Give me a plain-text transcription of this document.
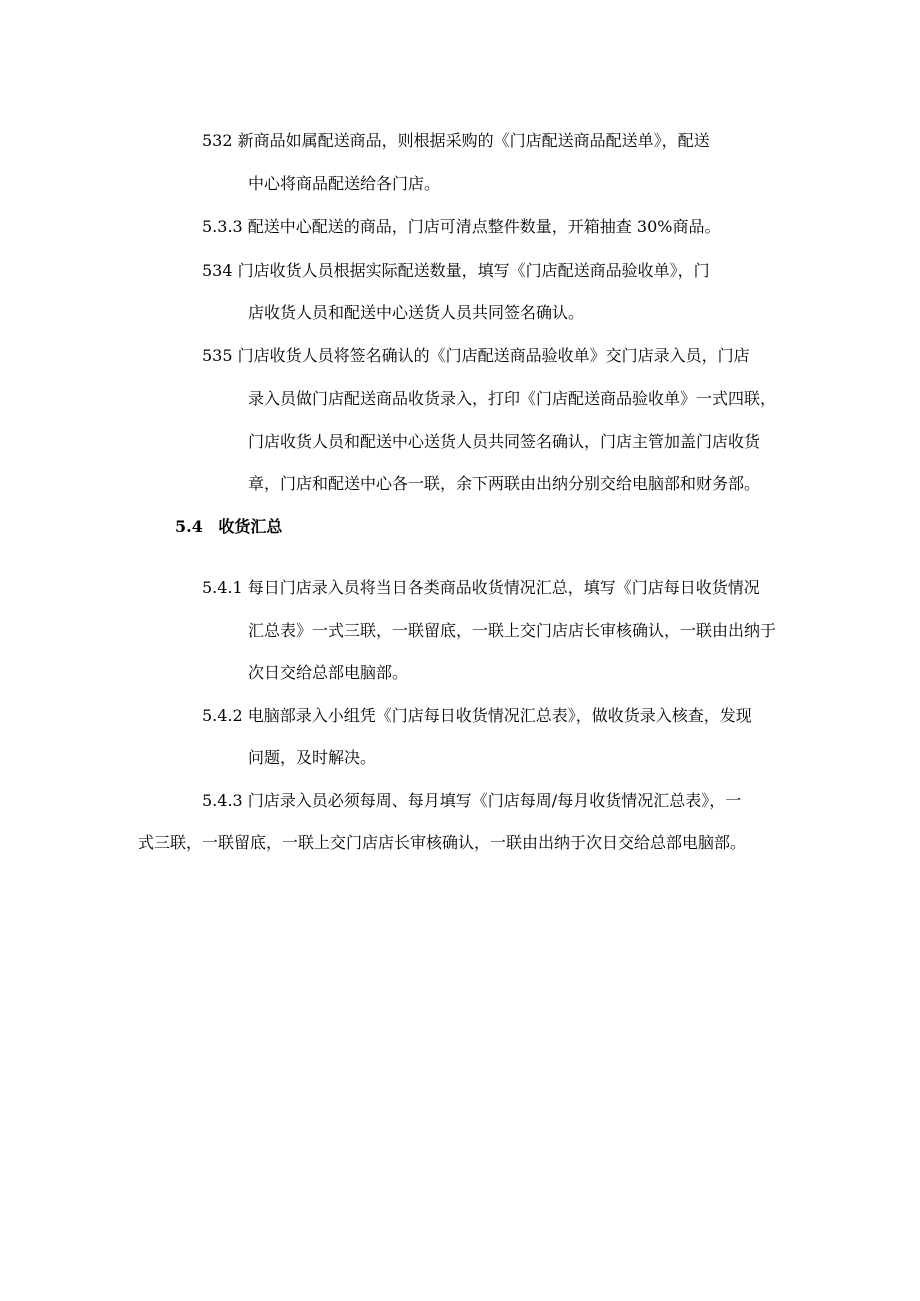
532 新商品如属配送商品，则根据采购的《门店配送商品配送单》，配送
中心将商品配送给各门店。
5.3.3 配送中心配送的商品，门店可清点整件数量，开箱抽查 30%商品。
534 门店收货人员根据实际配送数量，填写《门店配送商品验收单》，门
店收货人员和配送中心送货人员共同签名确认。
535 门店收货人员将签名确认的《门店配送商品验收单》交门店录入员，门店
录入员做门店配送商品收货录入，打印《门店配送商品验收单》一式四联，
门店收货人员和配送中心送货人员共同签名确认，门店主管加盖门店收货
章，门店和配送中心各一联，余下两联由出纳分别交给电脑部和财务部。
5.4 收货汇总
5.4.1 每日门店录入员将当日各类商品收货情况汇总，填写《门店每日收货情况
汇总表》一式三联，一联留底，一联上交门店店长审核确认，一联由出纳于
次日交给总部电脑部。
5.4.2 电脑部录入小组凭《门店每日收货情况汇总表》，做收货录入核查，发现
问题，及时解决。
5.4.3 门店录入员必须每周、每月填写《门店每周/每月收货情况汇总表》，一
式三联，一联留底，一联上交门店店长审核确认，一联由出纳于次日交给总部电脑部。
